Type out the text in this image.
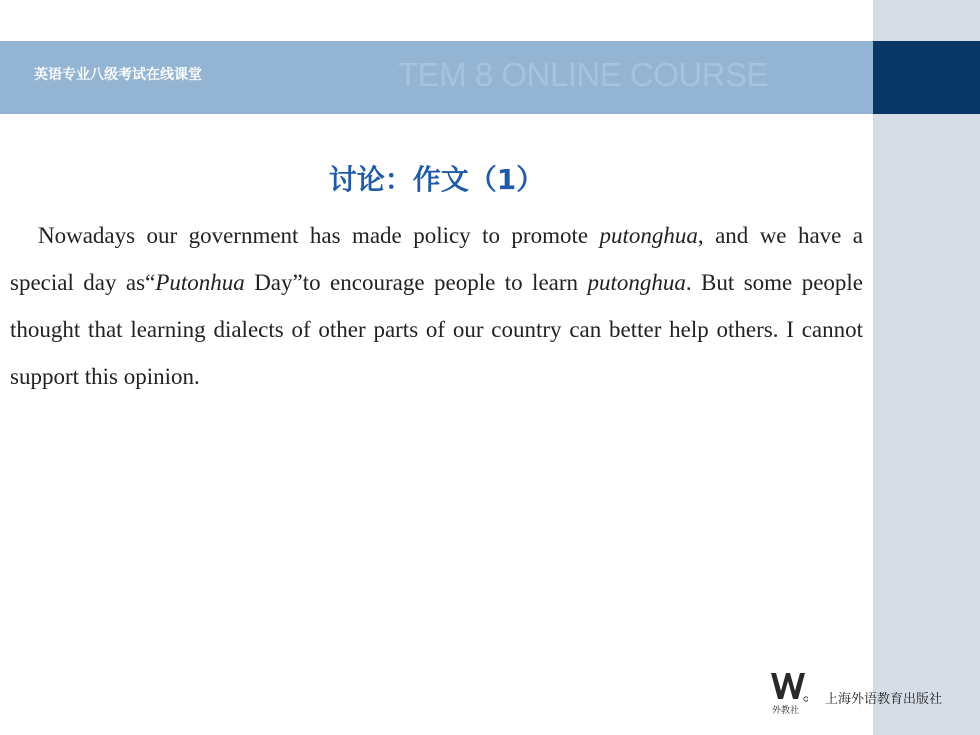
英语专业八级考试在线课堂	TEM 8 ONLINE COURSE
讨论：作文（1）
Nowadays our government has made policy to promote putonghua, and we have a special day as“Putonhua Day”to encourage people to learn putonghua. But some people thought that learning dialects of other parts of our country can better help others. I cannot support this opinion.
外教社
上海外语教育出版社
